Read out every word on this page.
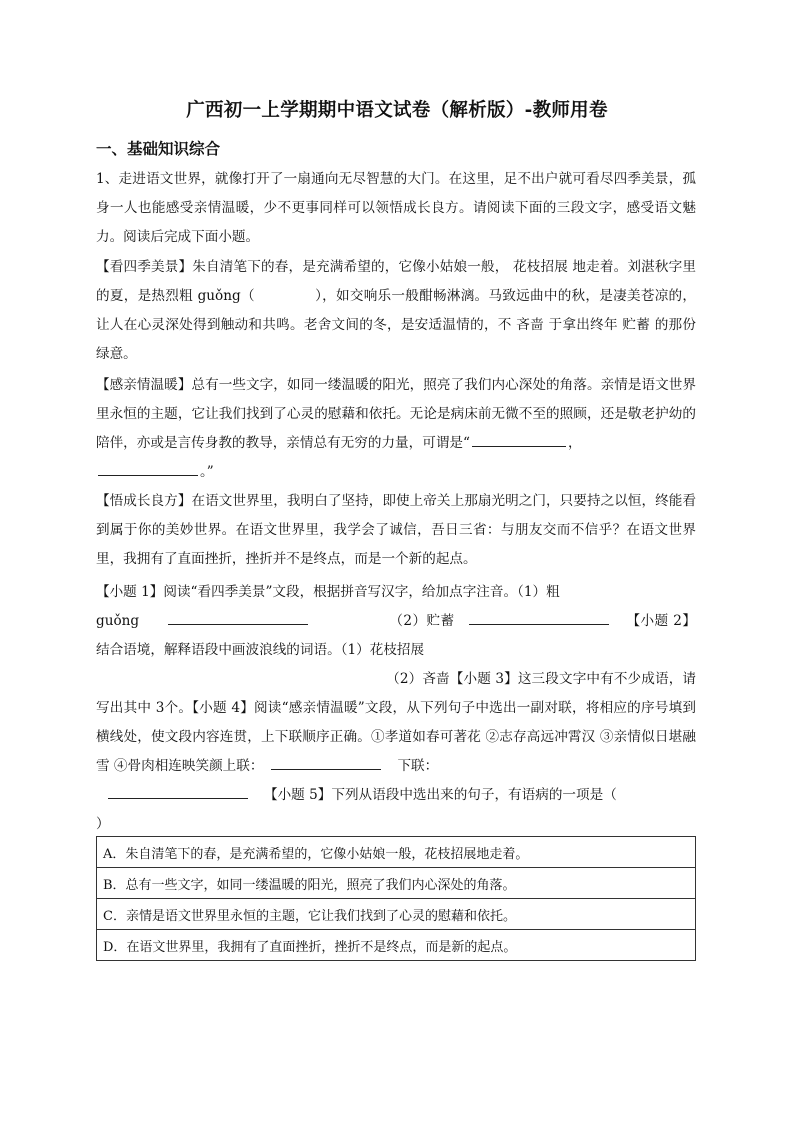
广西初一上学期期中语文试卷（解析版）-教师用卷
一、基础知识综合
1、走进语文世界，就像打开了一扇通向无尽智慧的大门。在这里，足不出户就可看尽四季美景，孤身一人也能感受亲情温暖，少不更事同样可以领悟成长良方。请阅读下面的三段文字，感受语文魅力。阅读后完成下面小题。
【看四季美景】朱自清笔下的春，是充满希望的，它像小姑娘一般， 花枝招展 地走着。刘湛秋字里的夏，是热烈粗 guǒng（	），如交响乐一般酣畅淋漓。马致远曲中的秋，是凄美苍凉的，让人在心灵深处得到触动和共鸣。老舍文间的冬，是安适温情的，不 吝啬 于拿出终年 贮蓄 的那份绿意。
【感亲情温暖】总有一些文字，如同一缕温暖的阳光，照亮了我们内心深处的角落。亲情是语文世界里永恒的主题，它让我们找到了心灵的慰藉和依托。无论是病床前无微不至的照顾，还是敬老护幼的陪伴，亦或是言传身教的教导，亲情总有无穷的力量，可谓是“	，
。”
【悟成长良方】在语文世界里，我明白了坚持，即使上帝关上那扇光明之门，只要持之以恒，终能看到属于你的美妙世界。在语文世界里，我学会了诚信，吾日三省：与朋友交而不信乎？在语文世界里，我拥有了直面挫折，挫折并不是终点，而是一个新的起点。
【小题 1】阅读“看四季美景”文段，根据拼音写汉字，给加点字注音。（1）粗
guǒng	（2）贮蓄	【小题 2】结合语境，解释语段中画波浪线的词语。（1）花枝招展
（2）吝啬【小题 3】这三段文字中有不少成语，请写出其中 3个。【小题 4】阅读“感亲情温暖”文段，从下列句子中选出一副对联，将相应的序号填到横线处，使文段内容连贯，上下联顺序正确。①孝道如春可著花 ②志存高远冲霄汉 ③亲情似日堪融雪 ④骨肉相连映笑颜上联：	下联：
【小题 5】下列从语段中选出来的句子，有语病的一项是（
）
A．朱自清笔下的春，是充满希望的，它像小姑娘一般，花枝招展地走着。
B．总有一些文字，如同一缕温暖的阳光，照亮了我们内心深处的角落。
C．亲情是语文世界里永恒的主题，它让我们找到了心灵的慰藉和依托。
D．在语文世界里，我拥有了直面挫折，挫折不是终点，而是新的起点。
